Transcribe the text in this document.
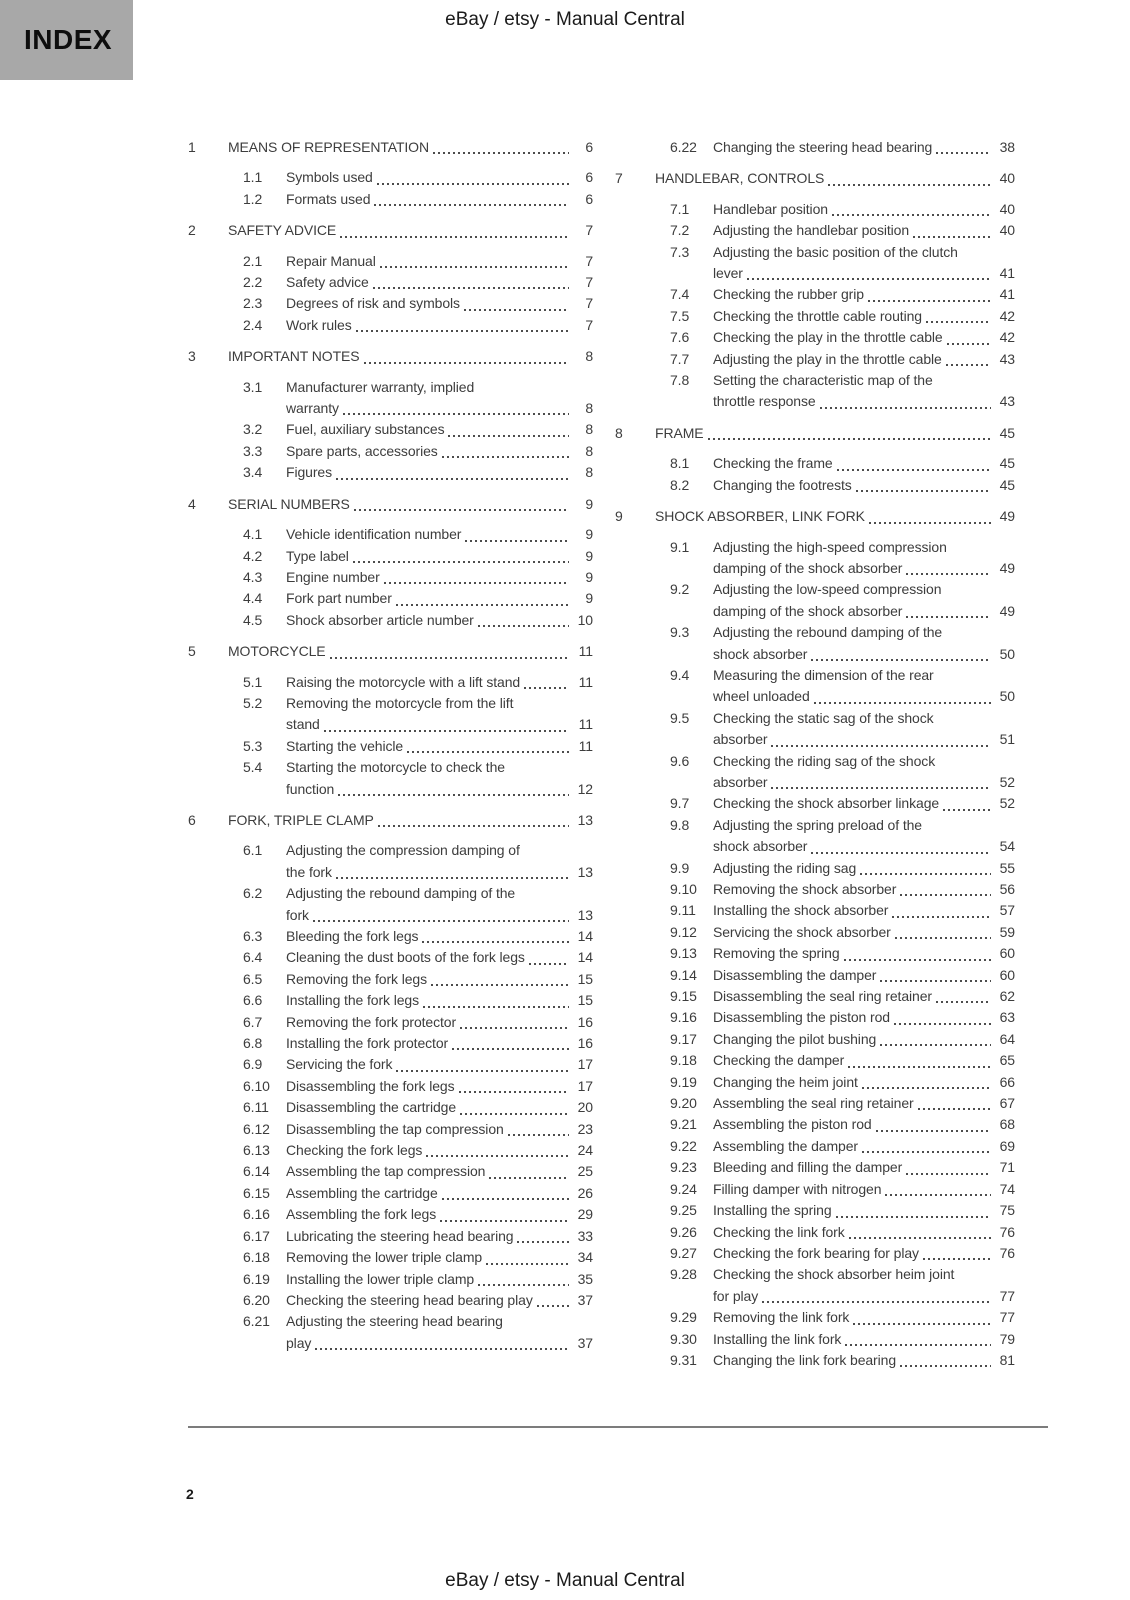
INDEX
eBay / etsy - Manual Central
1	MEANS OF REPRESENTATION	6
1.1	Symbols used	6
1.2	Formats used	6
2	SAFETY ADVICE	7
2.1	Repair Manual	7
2.2	Safety advice	7
2.3	Degrees of risk and symbols	7
2.4	Work rules	7
3	IMPORTANT NOTES	8
3.1	Manufacturer warranty, implied
warranty	8
3.2	Fuel, auxiliary substances	8
3.3	Spare parts, accessories	8
3.4	Figures	8
4	SERIAL NUMBERS	9
4.1	Vehicle identification number	9
4.2	Type label	9
4.3	Engine number	9
4.4	Fork part number	9
4.5	Shock absorber article number	10
5	MOTORCYCLE	11
5.1	Raising the motorcycle with a lift stand	11
5.2	Removing the motorcycle from the lift
stand	11
5.3	Starting the vehicle	11
5.4	Starting the motorcycle to check the
function	12
6	FORK, TRIPLE CLAMP	13
6.1	Adjusting the compression damping of
the fork	13
6.2	Adjusting the rebound damping of the
fork	13
6.3	Bleeding the fork legs	14
6.4	Cleaning the dust boots of the fork legs	14
6.5	Removing the fork legs	15
6.6	Installing the fork legs	15
6.7	Removing the fork protector	16
6.8	Installing the fork protector	16
6.9	Servicing the fork	17
6.10	Disassembling the fork legs	17
6.11	Disassembling the cartridge	20
6.12	Disassembling the tap compression	23
6.13	Checking the fork legs	24
6.14	Assembling the tap compression	25
6.15	Assembling the cartridge	26
6.16	Assembling the fork legs	29
6.17	Lubricating the steering head bearing	33
6.18	Removing the lower triple clamp	34
6.19	Installing the lower triple clamp	35
6.20	Checking the steering head bearing play	37
6.21	Adjusting the steering head bearing
play	37
6.22	Changing the steering head bearing	38
7	HANDLEBAR, CONTROLS	40
7.1	Handlebar position	40
7.2	Adjusting the handlebar position	40
7.3	Adjusting the basic position of the clutch
lever	41
7.4	Checking the rubber grip	41
7.5	Checking the throttle cable routing	42
7.6	Checking the play in the throttle cable	42
7.7	Adjusting the play in the throttle cable	43
7.8	Setting the characteristic map of the
throttle response	43
8	FRAME	45
8.1	Checking the frame	45
8.2	Changing the footrests	45
9	SHOCK ABSORBER, LINK FORK	49
9.1	Adjusting the high-speed compression
damping of the shock absorber	49
9.2	Adjusting the low-speed compression
damping of the shock absorber	49
9.3	Adjusting the rebound damping of the
shock absorber	50
9.4	Measuring the dimension of the rear
wheel unloaded	50
9.5	Checking the static sag of the shock
absorber	51
9.6	Checking the riding sag of the shock
absorber	52
9.7	Checking the shock absorber linkage	52
9.8	Adjusting the spring preload of the
shock absorber	54
9.9	Adjusting the riding sag	55
9.10	Removing the shock absorber	56
9.11	Installing the shock absorber	57
9.12	Servicing the shock absorber	59
9.13	Removing the spring	60
9.14	Disassembling the damper	60
9.15	Disassembling the seal ring retainer	62
9.16	Disassembling the piston rod	63
9.17	Changing the pilot bushing	64
9.18	Checking the damper	65
9.19	Changing the heim joint	66
9.20	Assembling the seal ring retainer	67
9.21	Assembling the piston rod	68
9.22	Assembling the damper	69
9.23	Bleeding and filling the damper	71
9.24	Filling damper with nitrogen	74
9.25	Installing the spring	75
9.26	Checking the link fork	76
9.27	Checking the fork bearing for play	76
9.28	Checking the shock absorber heim joint
for play	77
9.29	Removing the link fork	77
9.30	Installing the link fork	79
9.31	Changing the link fork bearing	81
2
eBay / etsy - Manual Central
